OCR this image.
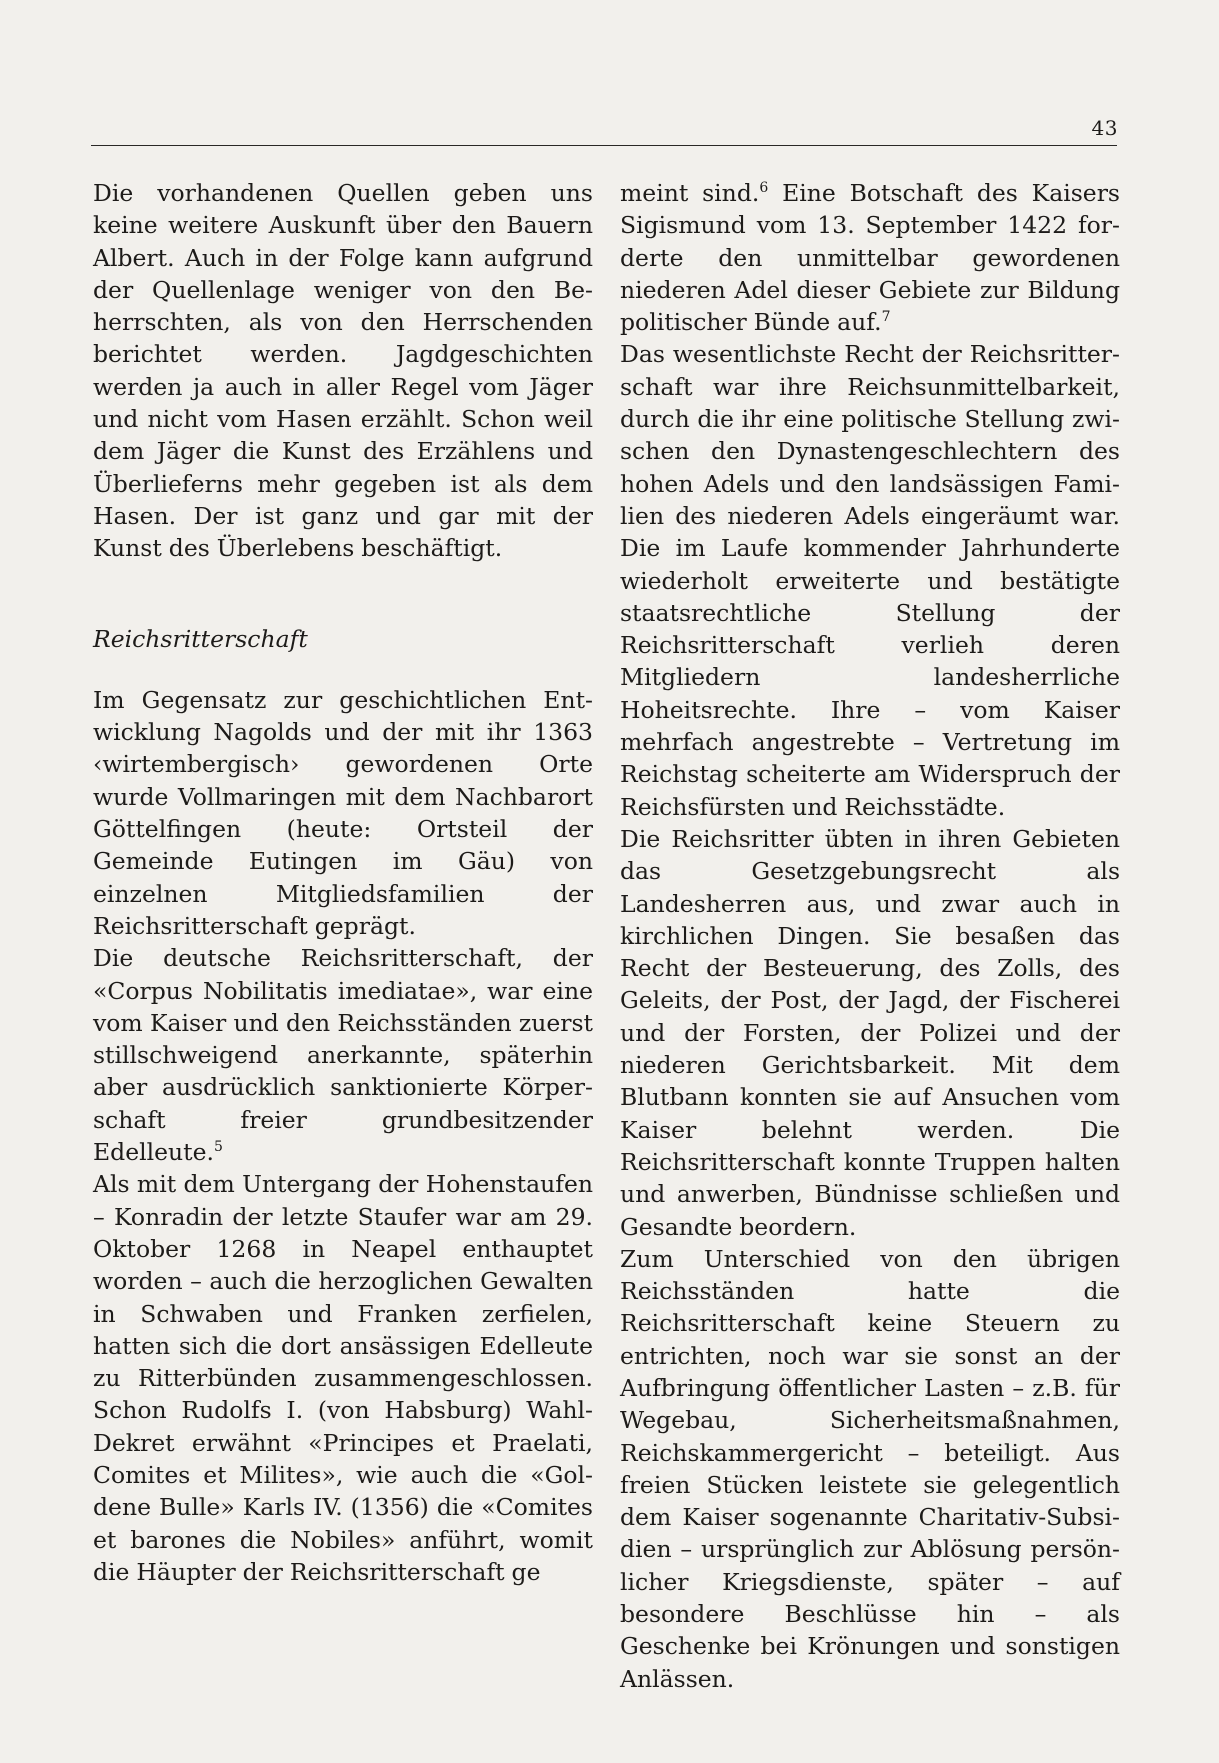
43

Die vorhandenen Quellen geben uns keine weitere Auskunft über den Bauern Albert. Auch in der Folge kann aufgrund der Quellenlage weniger von den Beherrschten, als von den Herrschenden berichtet werden. Jagdgeschichten werden ja auch in aller Regel vom Jäger und nicht vom Hasen erzählt. Schon weil dem Jäger die Kunst des Erzählens und Überlieferns mehr gegeben ist als dem Hasen. Der ist ganz und gar mit der Kunst des Überlebens beschäftigt.

Reichsritterschaft

Im Gegensatz zur geschichtlichen Entwicklung Nagolds und der mit ihr 1363 ‹wirtembergisch› gewordenen Orte wurde Vollmaringen mit dem Nachbarort Göttelfingen (heute: Ortsteil der Gemeinde Eutingen im Gäu) von einzelnen Mitgliedsfamilien der Reichsritterschaft geprägt.

Die deutsche Reichsritterschaft, der «Corpus Nobilitatis imediatae», war eine vom Kaiser und den Reichsständen zuerst stillschweigend anerkannte, späterhin aber ausdrücklich sanktionierte Körperschaft freier grundbesitzender Edelleute.$^5$

Als mit dem Untergang der Hohenstaufen – Konradin der letzte Staufer war am 29. Oktober 1268 in Neapel enthauptet worden – auch die herzoglichen Gewalten in Schwaben und Franken zerfielen, hatten sich die dort ansässigen Edelleute zu Ritterbünden zusammengeschlossen. Schon Rudolfs I. (von Habsburg) Wahl-Dekret erwähnt «Principes et Praelati, Comites et Milites», wie auch die «Goldene Bulle» Karls IV. (1356) die «Comites et barones die Nobiles» anführt, womit die Häupter der Reichsritterschaft ge

meint sind.$^6$ Eine Botschaft des Kaisers Sigismund vom 13. September 1422 forderte den unmittelbar gewordenen niederen Adel dieser Gebiete zur Bildung politischer Bünde auf.$^7$

Das wesentlichste Recht der Reichsritterschaft war ihre Reichsunmittelbarkeit, durch die ihr eine politische Stellung zwischen den Dynastengeschlechtern des hohen Adels und den landsässigen Familien des niederen Adels eingeräumt war. Die im Laufe kommender Jahrhunderte wiederholt erweiterte und bestätigte staatsrechtliche Stellung der Reichsritterschaft verlieh deren Mitgliedern landesherrliche Hoheitsrechte. Ihre – vom Kaiser mehrfach angestrebte – Vertretung im Reichstag scheiterte am Widerspruch der Reichsfürsten und Reichsstädte.

Die Reichsritter übten in ihren Gebieten das Gesetzgebungsrecht als Landesherren aus, und zwar auch in kirchlichen Dingen. Sie besaßen das Recht der Besteuerung, des Zolls, des Geleits, der Post, der Jagd, der Fischerei und der Forsten, der Polizei und der niederen Gerichtsbarkeit. Mit dem Blutbann konnten sie auf Ansuchen vom Kaiser belehnt werden. Die Reichsritterschaft konnte Truppen halten und anwerben, Bündnisse schließen und Gesandte beordern.

Zum Unterschied von den übrigen Reichsständen hatte die Reichsritterschaft keine Steuern zu entrichten, noch war sie sonst an der Aufbringung öffentlicher Lasten – z.B. für Wegebau, Sicherheitsmaßnahmen, Reichskammergericht – beteiligt. Aus freien Stücken leistete sie gelegentlich dem Kaiser sogenannte Charitativ-Subsidien – ursprünglich zur Ablösung persönlicher Kriegsdienste, später – auf besondere Beschlüsse hin – als Geschenke bei Krönungen und sonstigen Anlässen.
